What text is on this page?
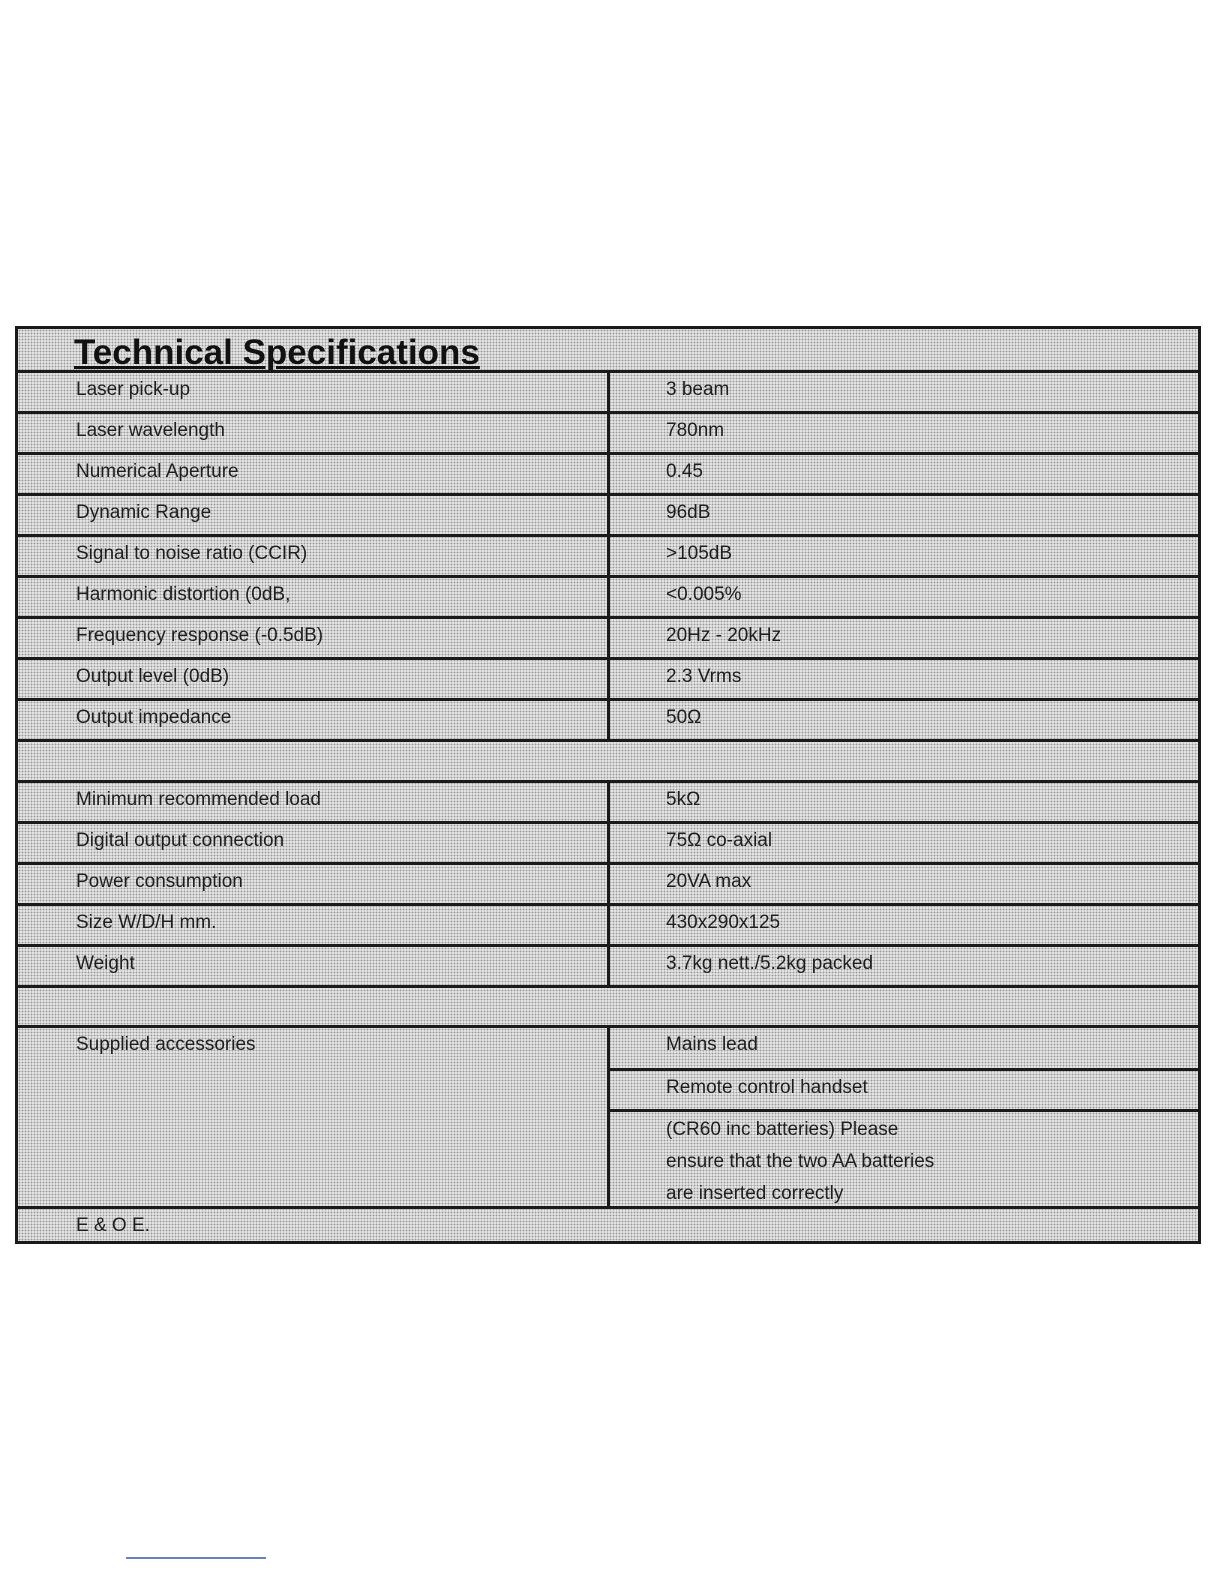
Technical Specifications
Laser pick-up	3 beam
Laser wavelength	780nm
Numerical Aperture	0.45
Dynamic Range	96dB
Signal to noise ratio (CCIR)	>105dB
Harmonic distortion (0dB,	<0.005%
Frequency response (-0.5dB)	20Hz - 20kHz
Output level (0dB)	2.3 Vrms
Output impedance	50Ω
Minimum recommended load	5kΩ
Digital output connection	75Ω co-axial
Power consumption	20VA max
Size W/D/H mm.	430x290x125
Weight	3.7kg nett./5.2kg packed
Supplied accessories	Mains lead
Remote control handset
(CR60 inc batteries) Please
ensure that the two AA batteries
are inserted correctly
E & O E.
